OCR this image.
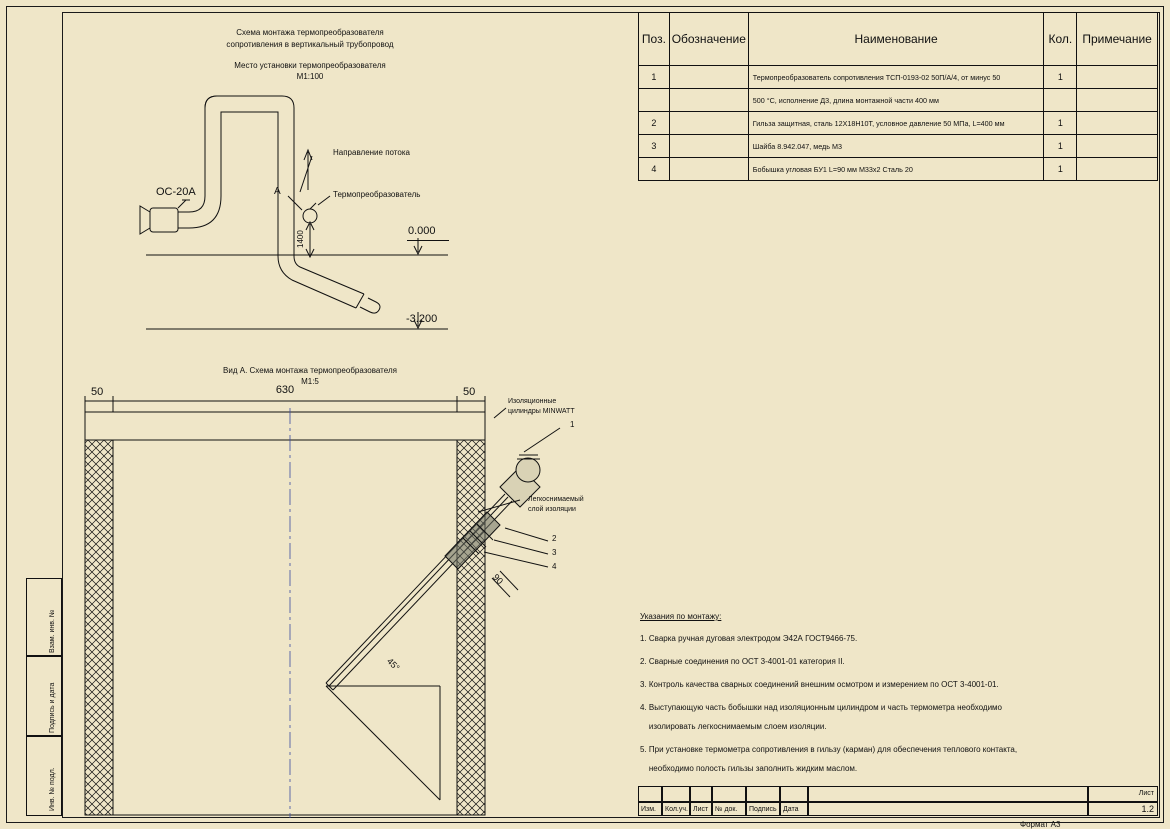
Схема монтажа термопреобразователя
сопротивления в вертикальный трубопровод
Место установки термопреобразователя
М1:100
Вид А. Схема монтажа термопреобразователя
М1:5
Направление потока
Термопреобразователь
ОС-20А	А
0.000
-3.200
1400
50	630	50
Изоляционные
цилиндры MINWATT
1
Легкоснимаемый
слой изоляции
2
3
4
90
45°
Поз.	Обозначение	Наименование	Кол.	Примечание
1		Термопреобразователь сопротивления ТСП-0193-02 50П/А/4, от минус 50	1	
		500 °С, исполнение Д3, длина монтажной части 400 мм		
2		Гильза защитная, сталь 12Х18Н10Т, условное давление 50 МПа, L=400 мм	1	
3		Шайба 8.942.047, медь М3	1	
4		Бобышка угловая БУ1 L=90 мм М33х2 Сталь 20	1	
Указания по монтажу:
1. Сварка ручная дуговая электродом Э42А ГОСТ9466-75.
2. Сварные соединения по ОСТ 3-4001-01 категория II.
3. Контроль качества сварных соединений внешним осмотром и измерением по ОСТ 3-4001-01.
4. Выступающую часть бобышки над изоляционным цилиндром и часть термометра необходимо
изолировать легкоснимаемым слоем изоляции.
5. При установке термометра сопротивления в гильзу (карман) для обеспечения теплового контакта,
необходимо полость гильзы заполнить жидким маслом.
Взам. инв. №
Подпись и дата
Инв. № подл.	Изм.	Кол.уч. Лист № док.	Подпись Дата
Лист
1.2
Формат А3
